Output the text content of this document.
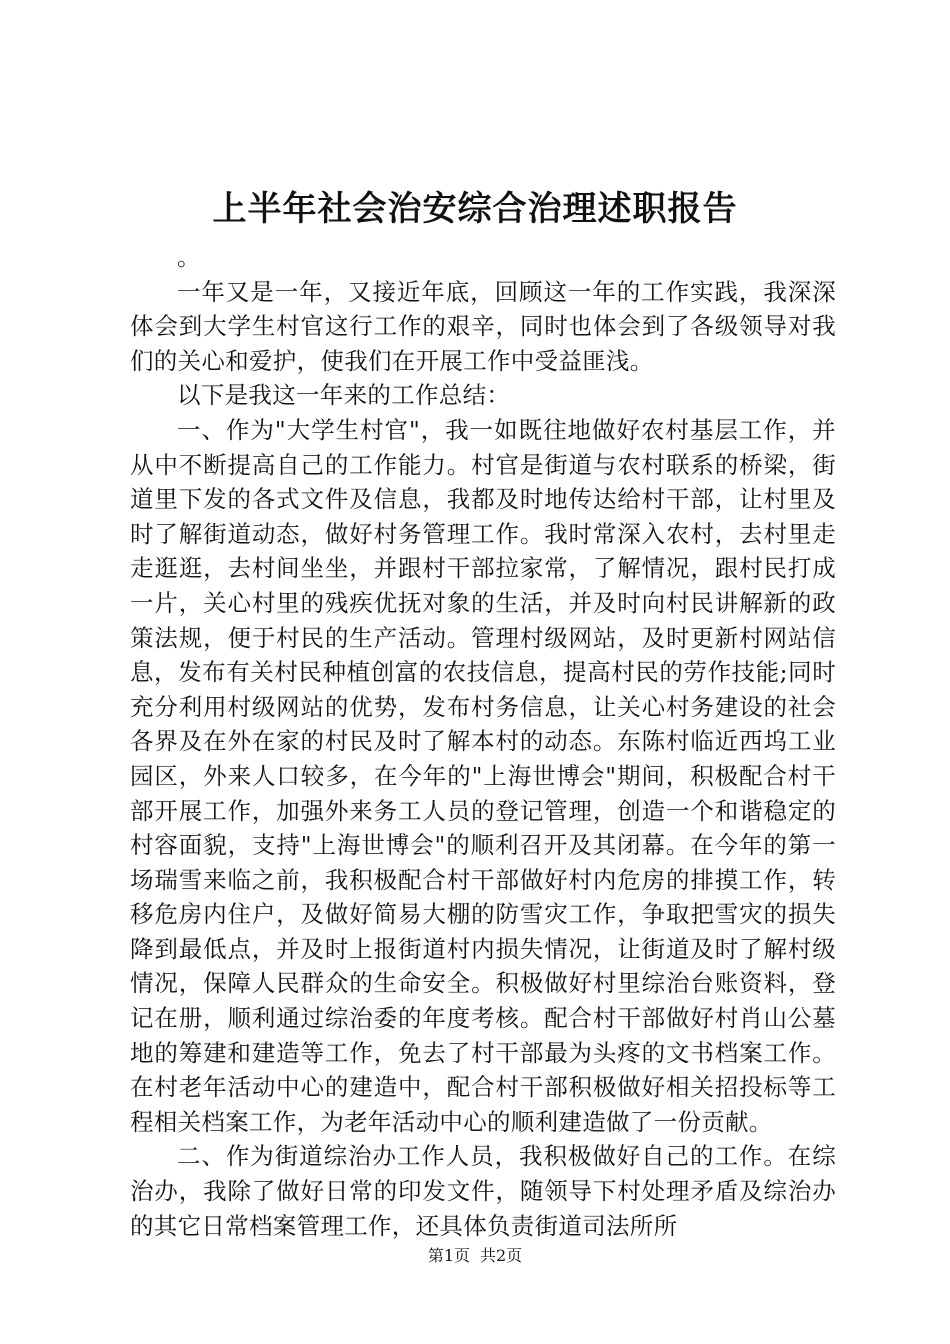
上半年社会治安综合治理述职报告

。

一年又是一年，又接近年底，回顾这一年的工作实践，我深深体会到大学生村官这行工作的艰辛，同时也体会到了各级领导对我们的关心和爱护，使我们在开展工作中受益匪浅。

以下是我这一年来的工作总结：

一、作为"大学生村官"，我一如既往地做好农村基层工作，并从中不断提高自己的工作能力。村官是街道与农村联系的桥梁，街道里下发的各式文件及信息，我都及时地传达给村干部，让村里及时了解街道动态，做好村务管理工作。我时常深入农村，去村里走走逛逛，去村间坐坐，并跟村干部拉家常，了解情况，跟村民打成一片，关心村里的残疾优抚对象的生活，并及时向村民讲解新的政策法规，便于村民的生产活动。管理村级网站，及时更新村网站信息，发布有关村民种植创富的农技信息，提高村民的劳作技能;同时充分利用村级网站的优势，发布村务信息，让关心村务建设的社会各界及在外在家的村民及时了解本村的动态。东陈村临近西坞工业园区，外来人口较多，在今年的"上海世博会"期间，积极配合村干部开展工作，加强外来务工人员的登记管理，创造一个和谐稳定的村容面貌，支持"上海世博会"的顺利召开及其闭幕。在今年的第一场瑞雪来临之前，我积极配合村干部做好村内危房的排摸工作，转移危房内住户，及做好简易大棚的防雪灾工作，争取把雪灾的损失降到最低点，并及时上报街道村内损失情况，让街道及时了解村级情况，保障人民群众的生命安全。积极做好村里综治台账资料，登记在册，顺利通过综治委的年度考核。配合村干部做好村肖山公墓地的筹建和建造等工作，免去了村干部最为头疼的文书档案工作。在村老年活动中心的建造中，配合村干部积极做好相关招投标等工程相关档案工作，为老年活动中心的顺利建造做了一份贡献。

二、作为街道综治办工作人员，我积极做好自己的工作。在综治办，我除了做好日常的印发文件，随领导下村处理矛盾及综治办的其它日常档案管理工作，还具体负责街道司法所所

第1页 共2页
